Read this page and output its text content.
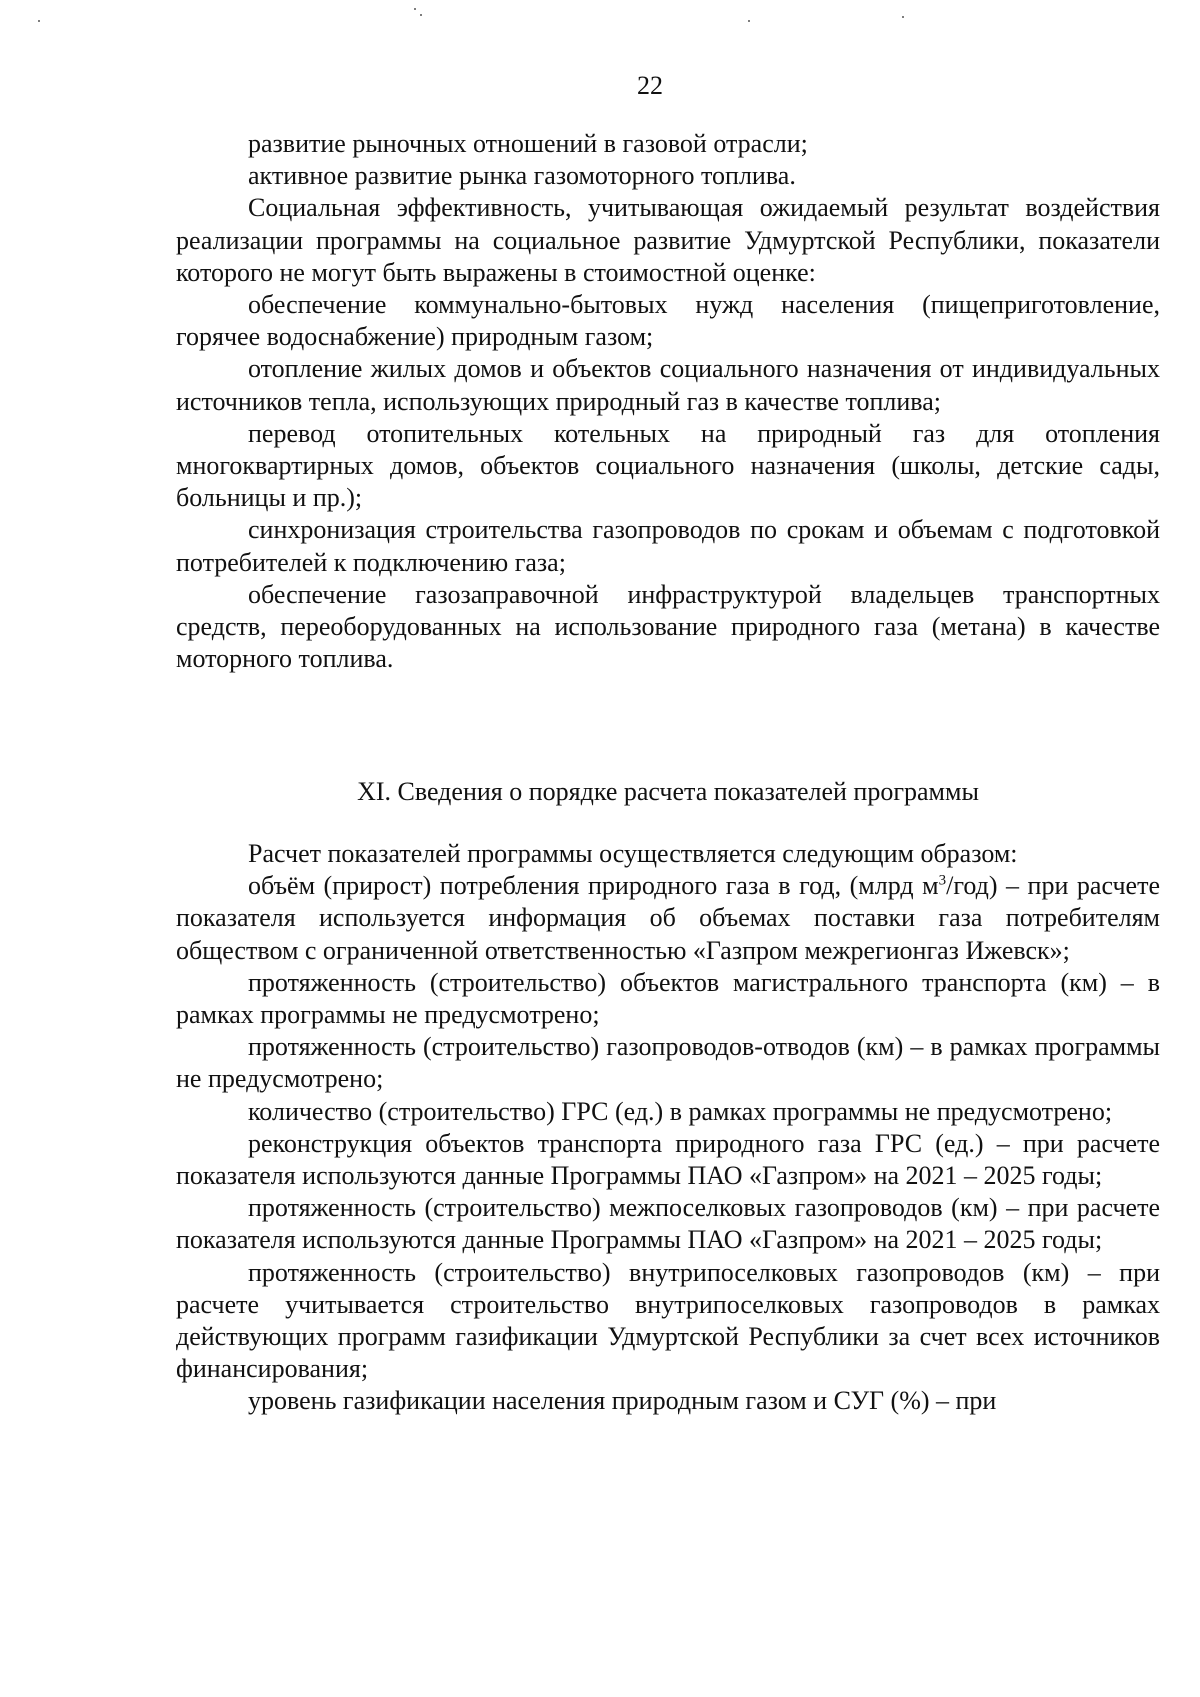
22

развитие рыночных отношений в газовой отрасли;

активное развитие рынка газомоторного топлива.

Социальная эффективность, учитывающая ожидаемый результат воздействия реализации программы на социальное развитие Удмуртской Республики, показатели которого не могут быть выражены в стоимостной оценке:

обеспечение коммунально-бытовых нужд населения (пищеприготовление, горячее водоснабжение) природным газом;

отопление жилых домов и объектов социального назначения от индивидуальных источников тепла, использующих природный газ в качестве топлива;

перевод отопительных котельных на природный газ для отопления многоквартирных домов, объектов социального назначения (школы, детские сады, больницы и пр.);

синхронизация строительства газопроводов по срокам и объемам с подготовкой потребителей к подключению газа;

обеспечение газозаправочной инфраструктурой владельцев транспортных средств, переоборудованных на использование природного газа (метана) в качестве моторного топлива.

XI. Сведения о порядке расчета показателей программы

Расчет показателей программы осуществляется следующим образом:

объём (прирост) потребления природного газа в год, (млрд $м^3/год$) – при расчете показателя используется информация об объемах поставки газа потребителям обществом с ограниченной ответственностью «Газпром межрегионгаз Ижевск»;

протяженность (строительство) объектов магистрального транспорта (км) – в рамках программы не предусмотрено;

протяженность (строительство) газопроводов-отводов (км) – в рамках программы не предусмотрено;

количество (строительство) ГРС (ед.) в рамках программы не предусмотрено;

реконструкция объектов транспорта природного газа ГРС (ед.) – при расчете показателя используются данные Программы ПАО «Газпром» на 2021 – 2025 годы;

протяженность (строительство) межпоселковых газопроводов (км) – при расчете показателя используются данные Программы ПАО «Газпром» на 2021 – 2025 годы;

протяженность (строительство) внутрипоселковых газопроводов (км) – при расчете учитывается строительство внутрипоселковых газопроводов в рамках действующих программ газификации Удмуртской Республики за счет всех источников финансирования;

уровень газификации населения природным газом и СУГ (%) – при
